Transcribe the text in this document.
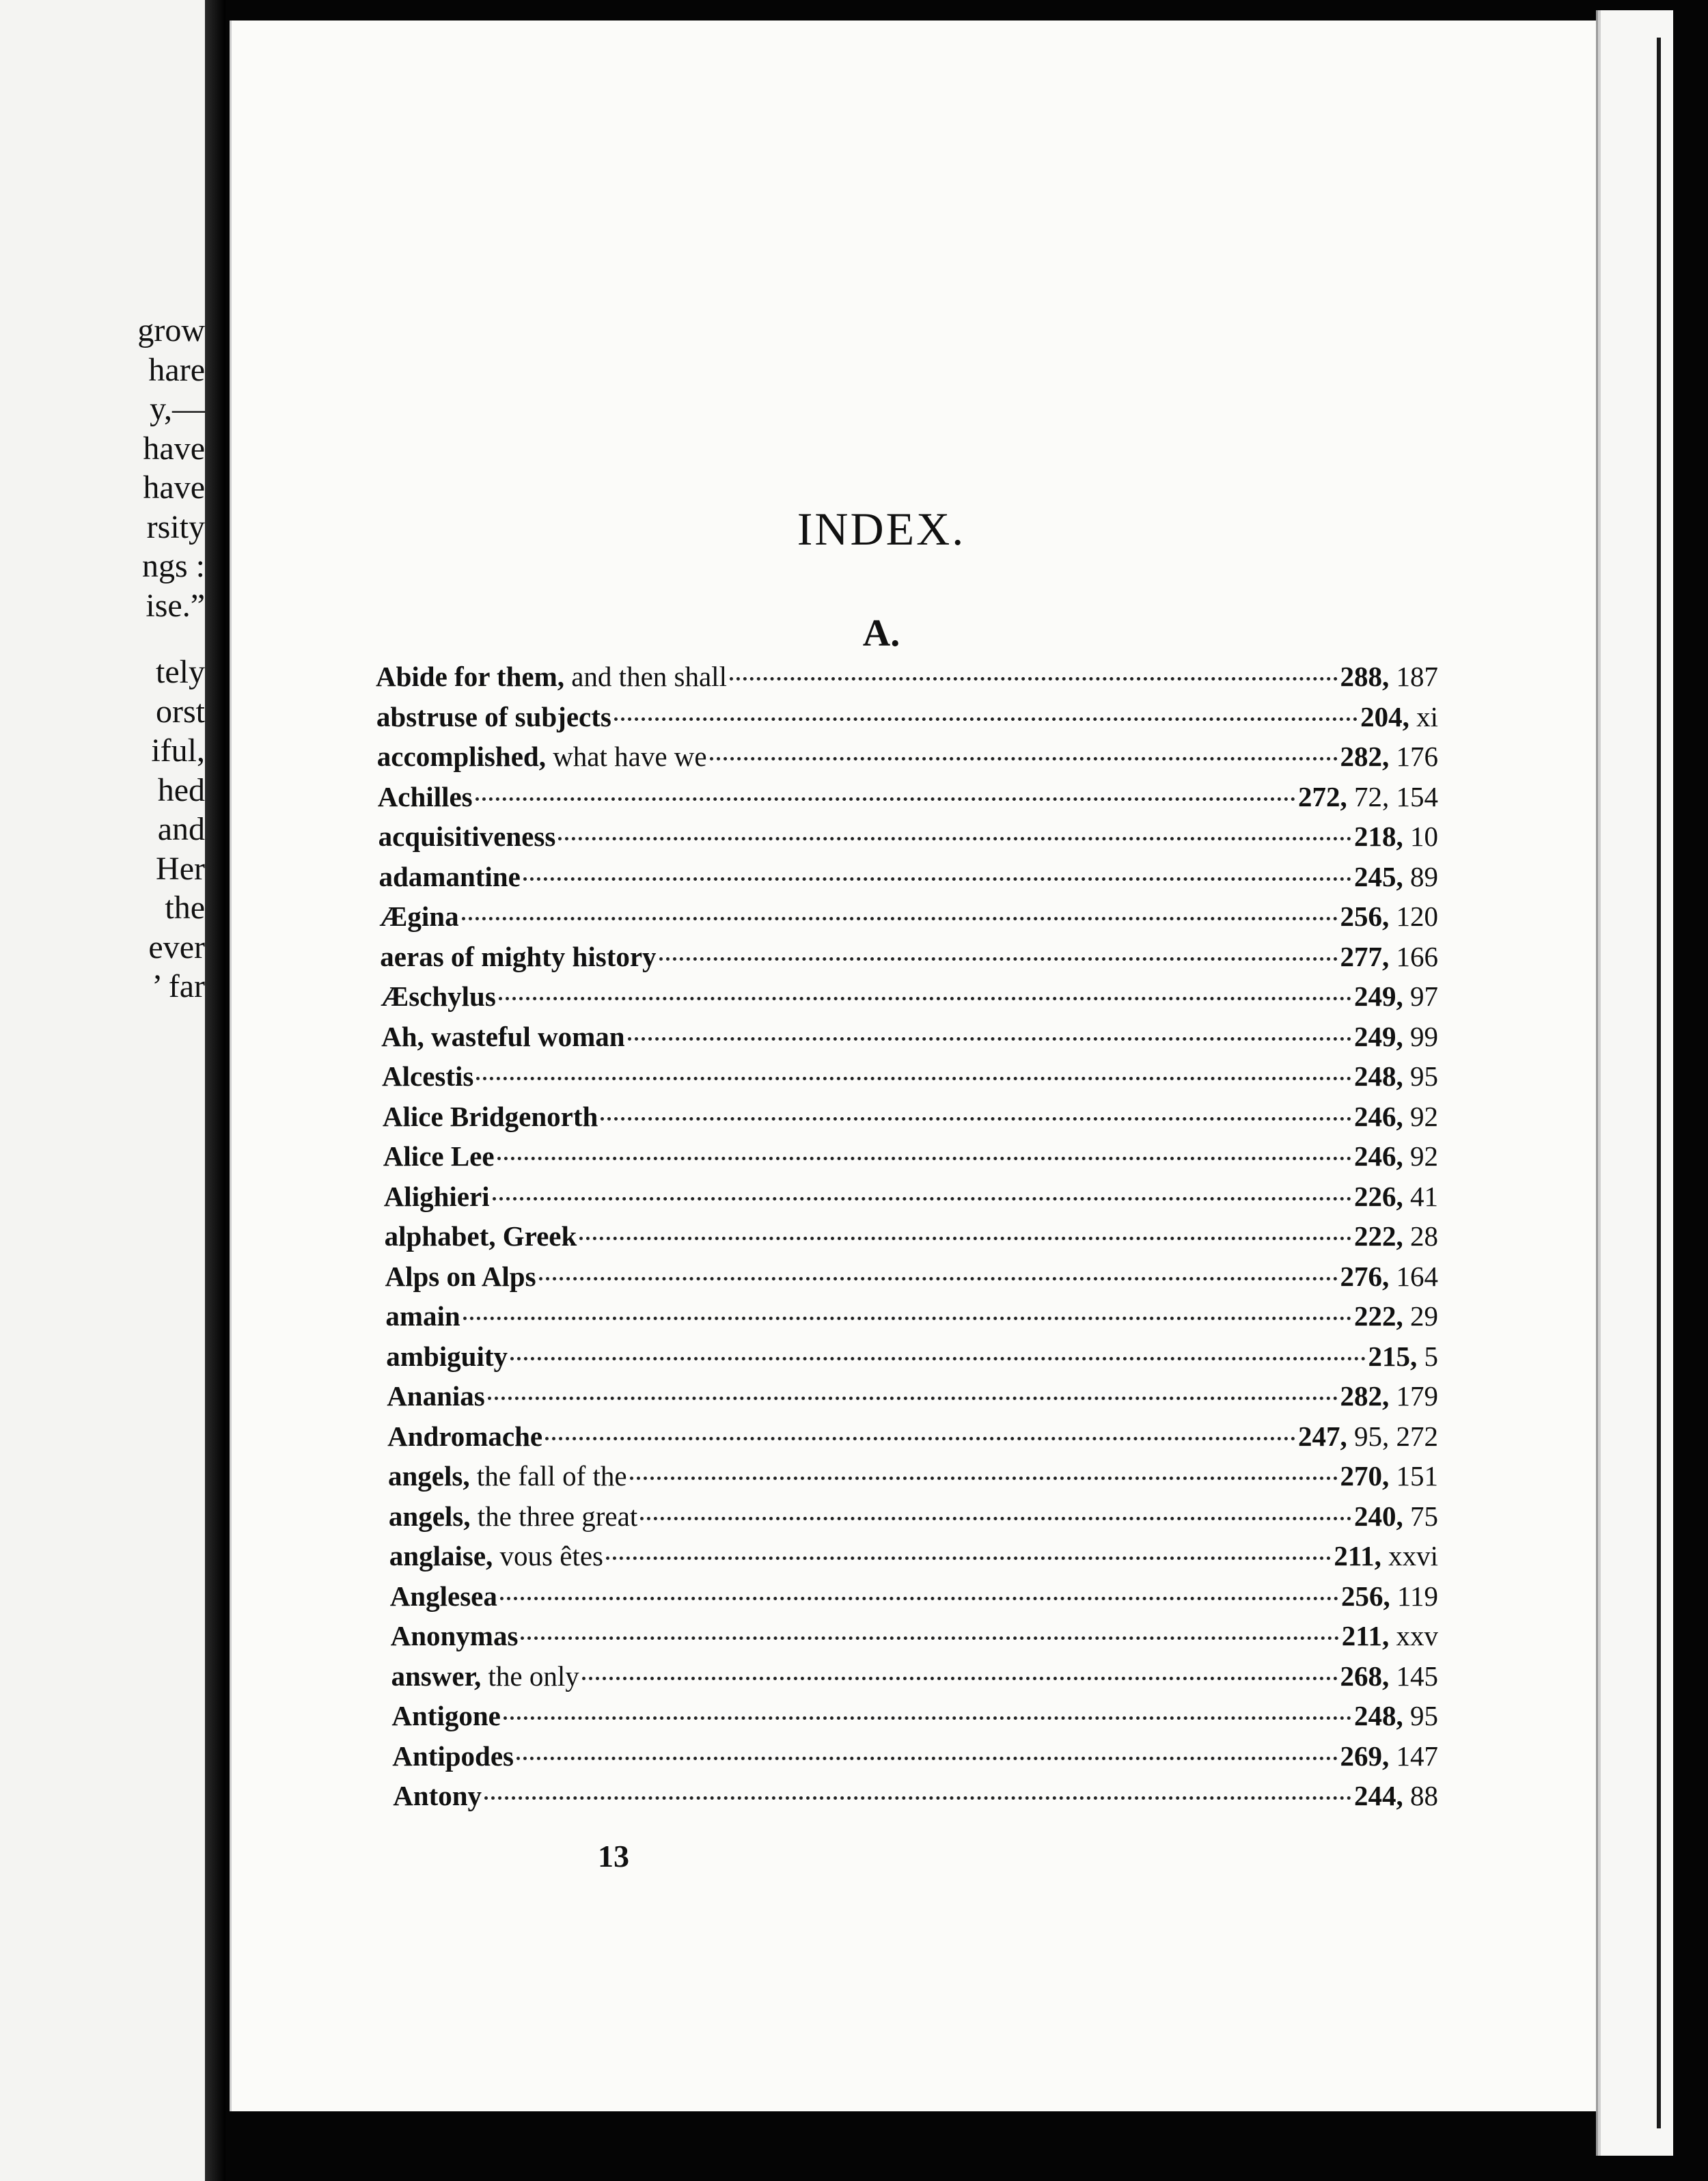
grow
hare
y,—
have
have
rsity
ngs :
ise.”
tely
orst
iful,
hed
and
Her
the
ever
’ far
INDEX.
A.
Abide for them, and then shall	288, 187
abstruse of subjects	204, xi
accomplished, what have we	282, 176
Achilles	272, 72, 154
acquisitiveness	218, 10
adamantine	245, 89
Ægina	256, 120
aeras of mighty history	277, 166
Æschylus	249, 97
Ah, wasteful woman	249, 99
Alcestis	248, 95
Alice Bridgenorth	246, 92
Alice Lee	246, 92
Alighieri	226, 41
alphabet, Greek	222, 28
Alps on Alps	276, 164
amain	222, 29
ambiguity	215, 5
Ananias	282, 179
Andromache	247, 95, 272
angels, the fall of the	270, 151
angels, the three great	240, 75
anglaise, vous êtes	211, xxvi
Anglesea	256, 119
Anonymas	211, xxv
answer, the only	268, 145
Antigone	248, 95
Antipodes	269, 147
Antony	244, 88
13
